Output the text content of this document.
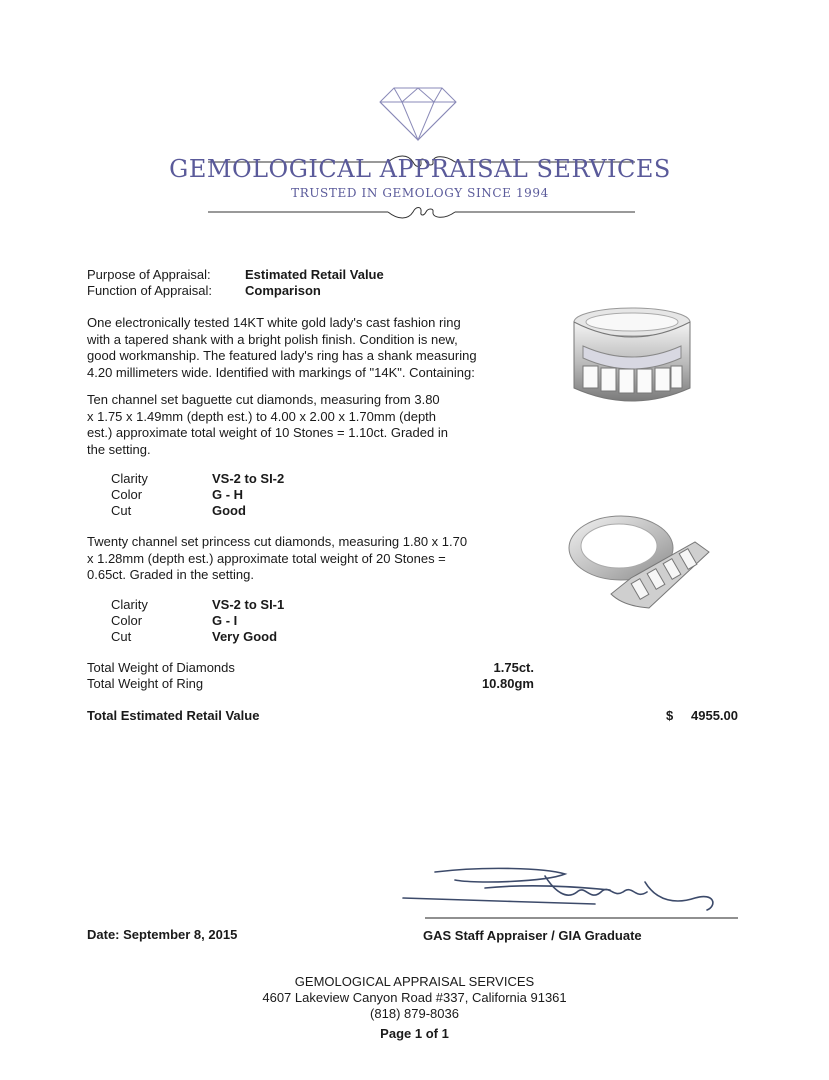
GEMOLOGICAL APPRAISAL SERVICES
TRUSTED IN GEMOLOGY SINCE 1994
Purpose of Appraisal:	Estimated Retail Value
Function of Appraisal:	Comparison
One electronically tested 14KT white gold lady's cast fashion ring
with a tapered shank with a bright polish finish. Condition is new,
good workmanship. The featured lady's ring has a shank measuring
4.20 millimeters wide. Identified with markings of "14K". Containing:
Ten channel set baguette cut diamonds, measuring from 3.80
x 1.75 x 1.49mm (depth est.) to 4.00 x 2.00 x 1.70mm (depth
est.) approximate total weight of 10 Stones = 1.10ct. Graded in
the setting.
Clarity	VS-2 to SI-2
Color	G - H
Cut	Good
Twenty channel set princess cut diamonds, measuring 1.80 x 1.70
x 1.28mm (depth est.) approximate total weight of 20 Stones =
0.65ct. Graded in the setting.
Clarity	VS-2 to SI-1
Color	G - I
Cut	Very Good
Total Weight of Diamonds	1.75ct.
Total Weight of Ring	10.80gm
Total Estimated Retail Value	$	4955.00
Date: September 8, 2015	GAS Staff Appraiser / GIA Graduate
GEMOLOGICAL APPRAISAL SERVICES
4607 Lakeview Canyon Road #337, California 91361
(818) 879-8036
Page 1 of 1
